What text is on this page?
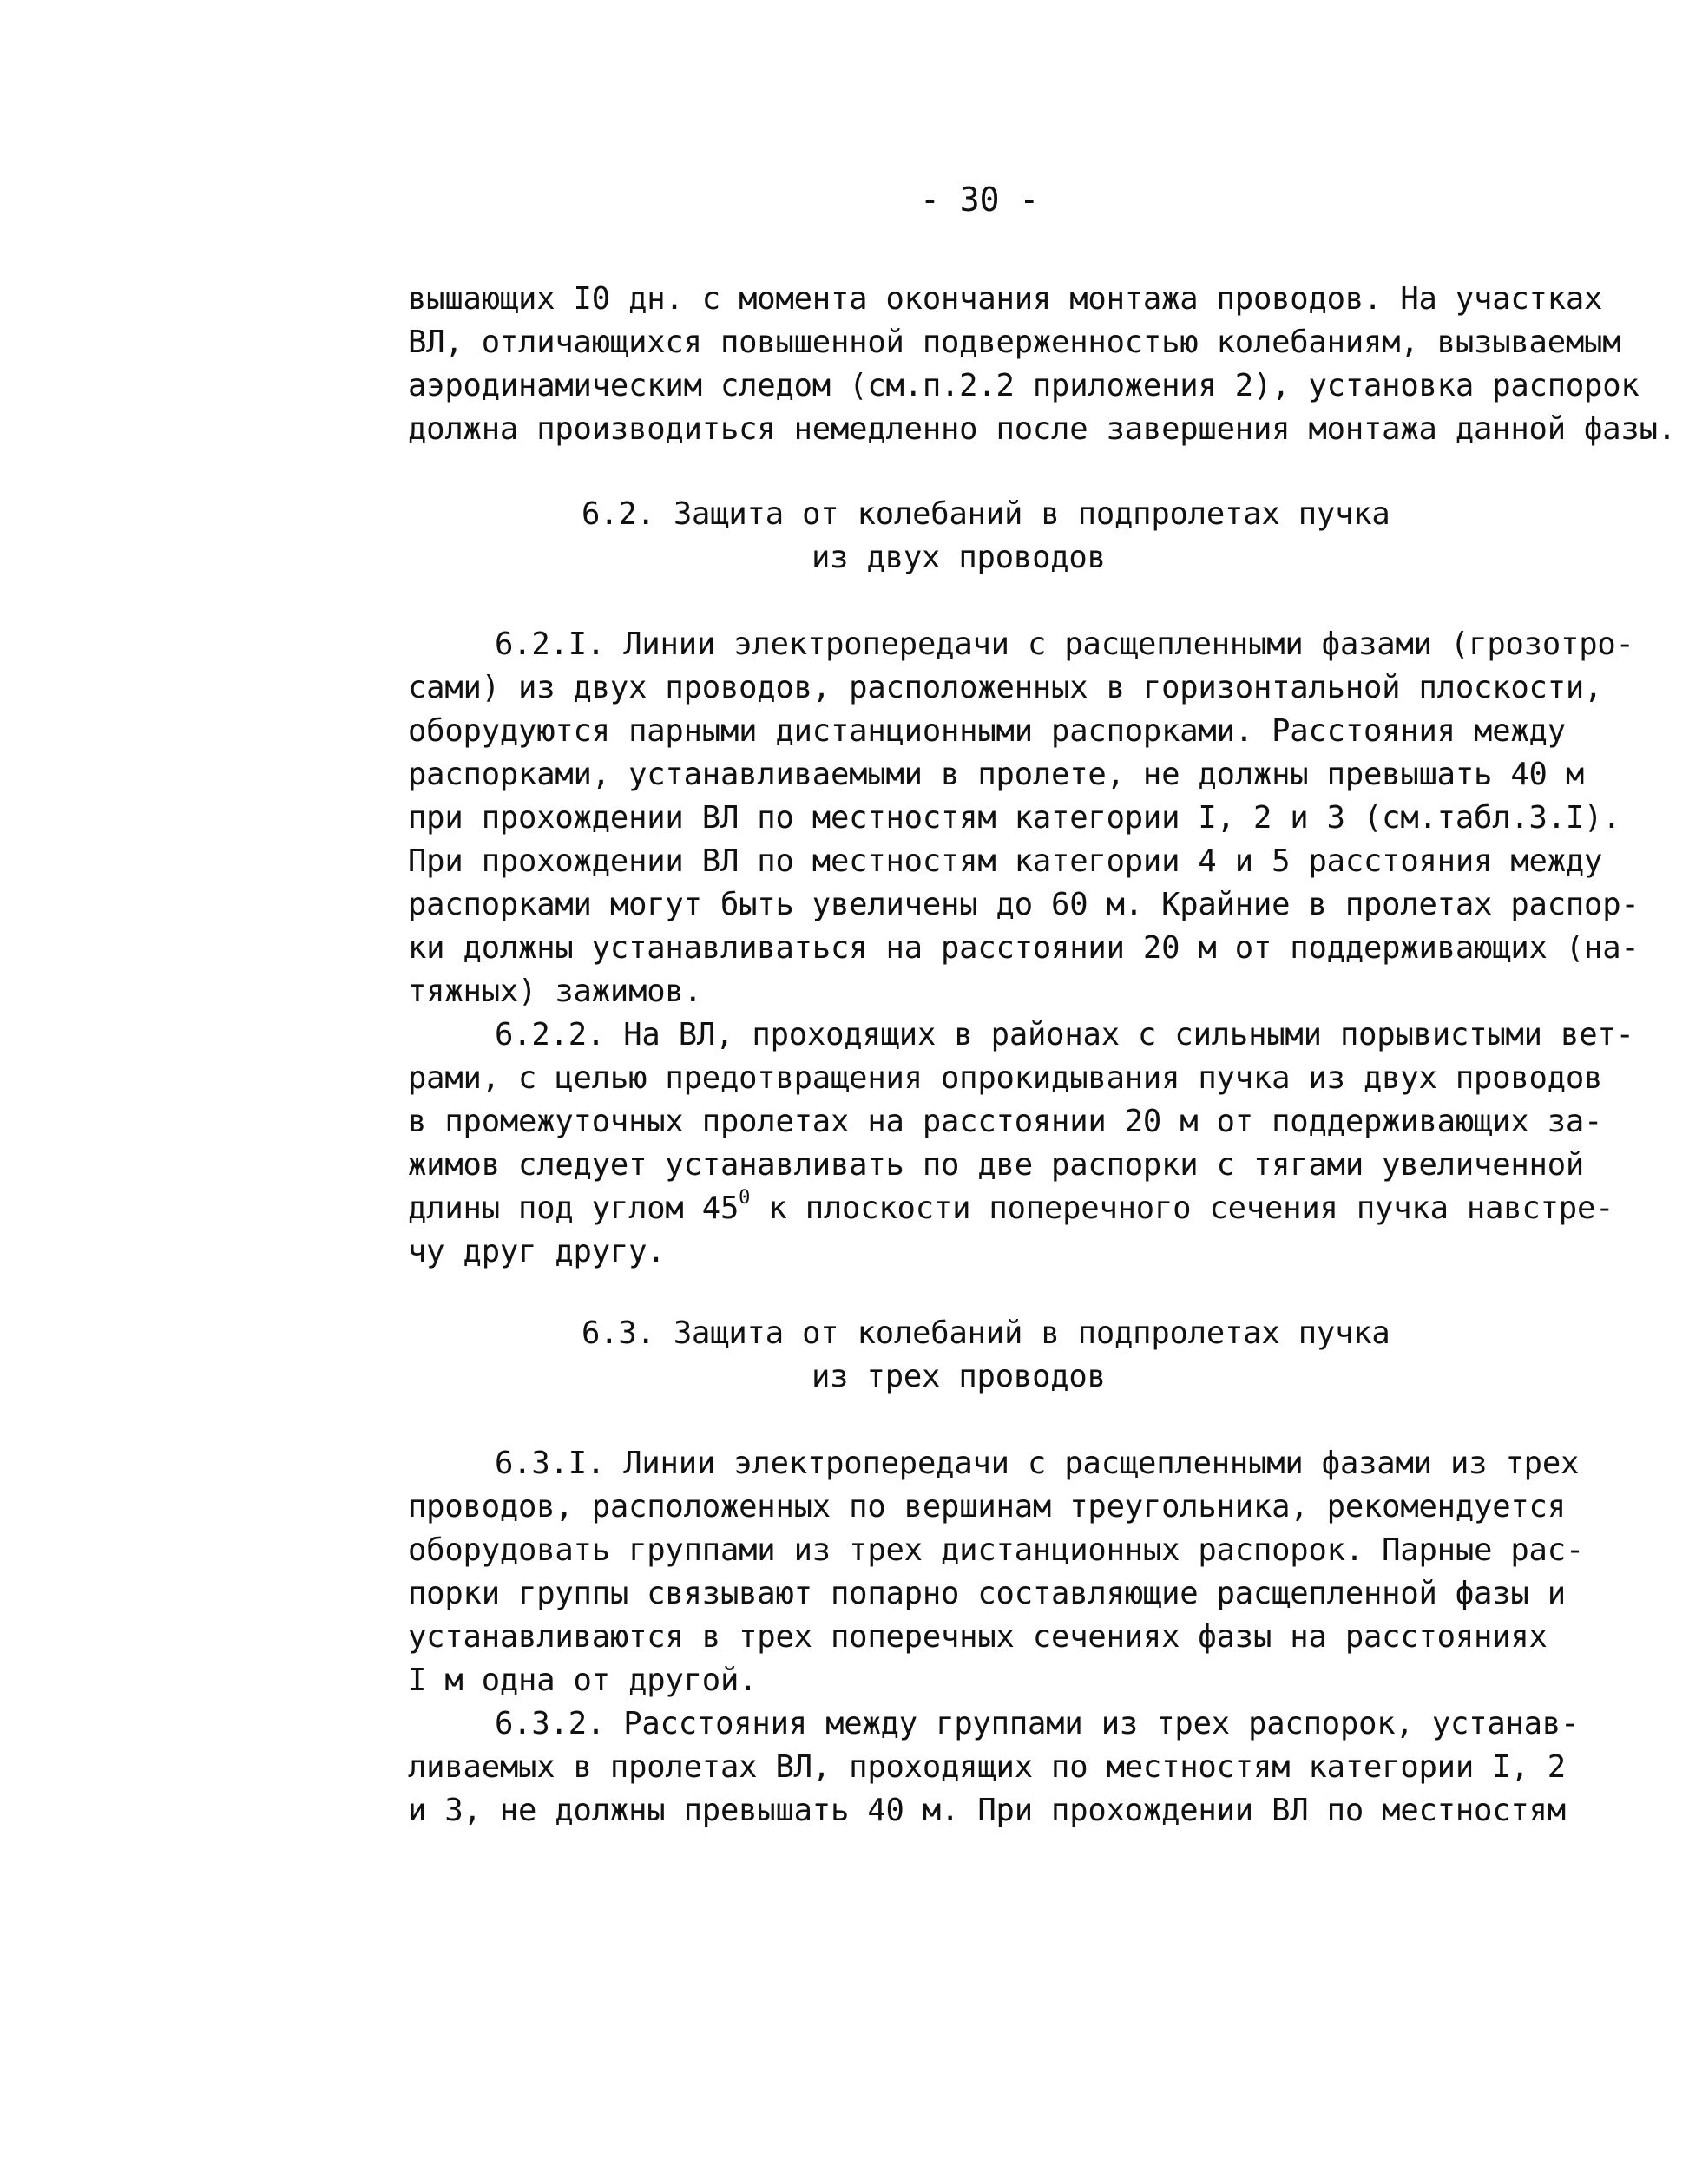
- 30 -
вышающих I0 дн. с момента окончания монтажа проводов. На участках
ВЛ, отличающихся повышенной подверженностью колебаниям, вызываемым
аэродинамическим следом (см.п.2.2 приложения 2), установка распорок
должна производиться немедленно после завершения монтажа данной фазы.
6.2. Защита от колебаний в подпролетах пучка
из двух проводов
6.2.I. Линии электропередачи с расщепленными фазами (грозотро-
сами) из двух проводов, расположенных в горизонтальной плоскости,
оборудуются парными дистанционными распорками. Расстояния между
распорками, устанавливаемыми в пролете, не должны превышать 40 м
при прохождении ВЛ по местностям категории I, 2 и 3 (см.табл.3.I).
При прохождении ВЛ по местностям категории 4 и 5 расстояния между
распорками могут быть увеличены до 60 м. Крайние в пролетах распор-
ки должны устанавливаться на расстоянии 20 м от поддерживающих (на-
тяжных) зажимов.
6.2.2. На ВЛ, проходящих в районах с сильными порывистыми вет-
рами, с целью предотвращения опрокидывания пучка из двух проводов
в промежуточных пролетах на расстоянии 20 м от поддерживающих за-
жимов следует устанавливать по две распорки с тягами увеличенной
длины под углом $45^0$ к плоскости поперечного сечения пучка навстре-
чу друг другу.
6.3. Защита от колебаний в подпролетах пучка
из трех проводов
6.3.I. Линии электропередачи с расщепленными фазами из трех
проводов, расположенных по вершинам треугольника, рекомендуется
оборудовать группами из трех дистанционных распорок. Парные рас-
порки группы связывают попарно составляющие расщепленной фазы и
устанавливаются в трех поперечных сечениях фазы на расстояниях
I м одна от другой.
6.3.2. Расстояния между группами из трех распорок, устанав-
ливаемых в пролетах ВЛ, проходящих по местностям категории I, 2
и 3, не должны превышать 40 м. При прохождении ВЛ по местностям
